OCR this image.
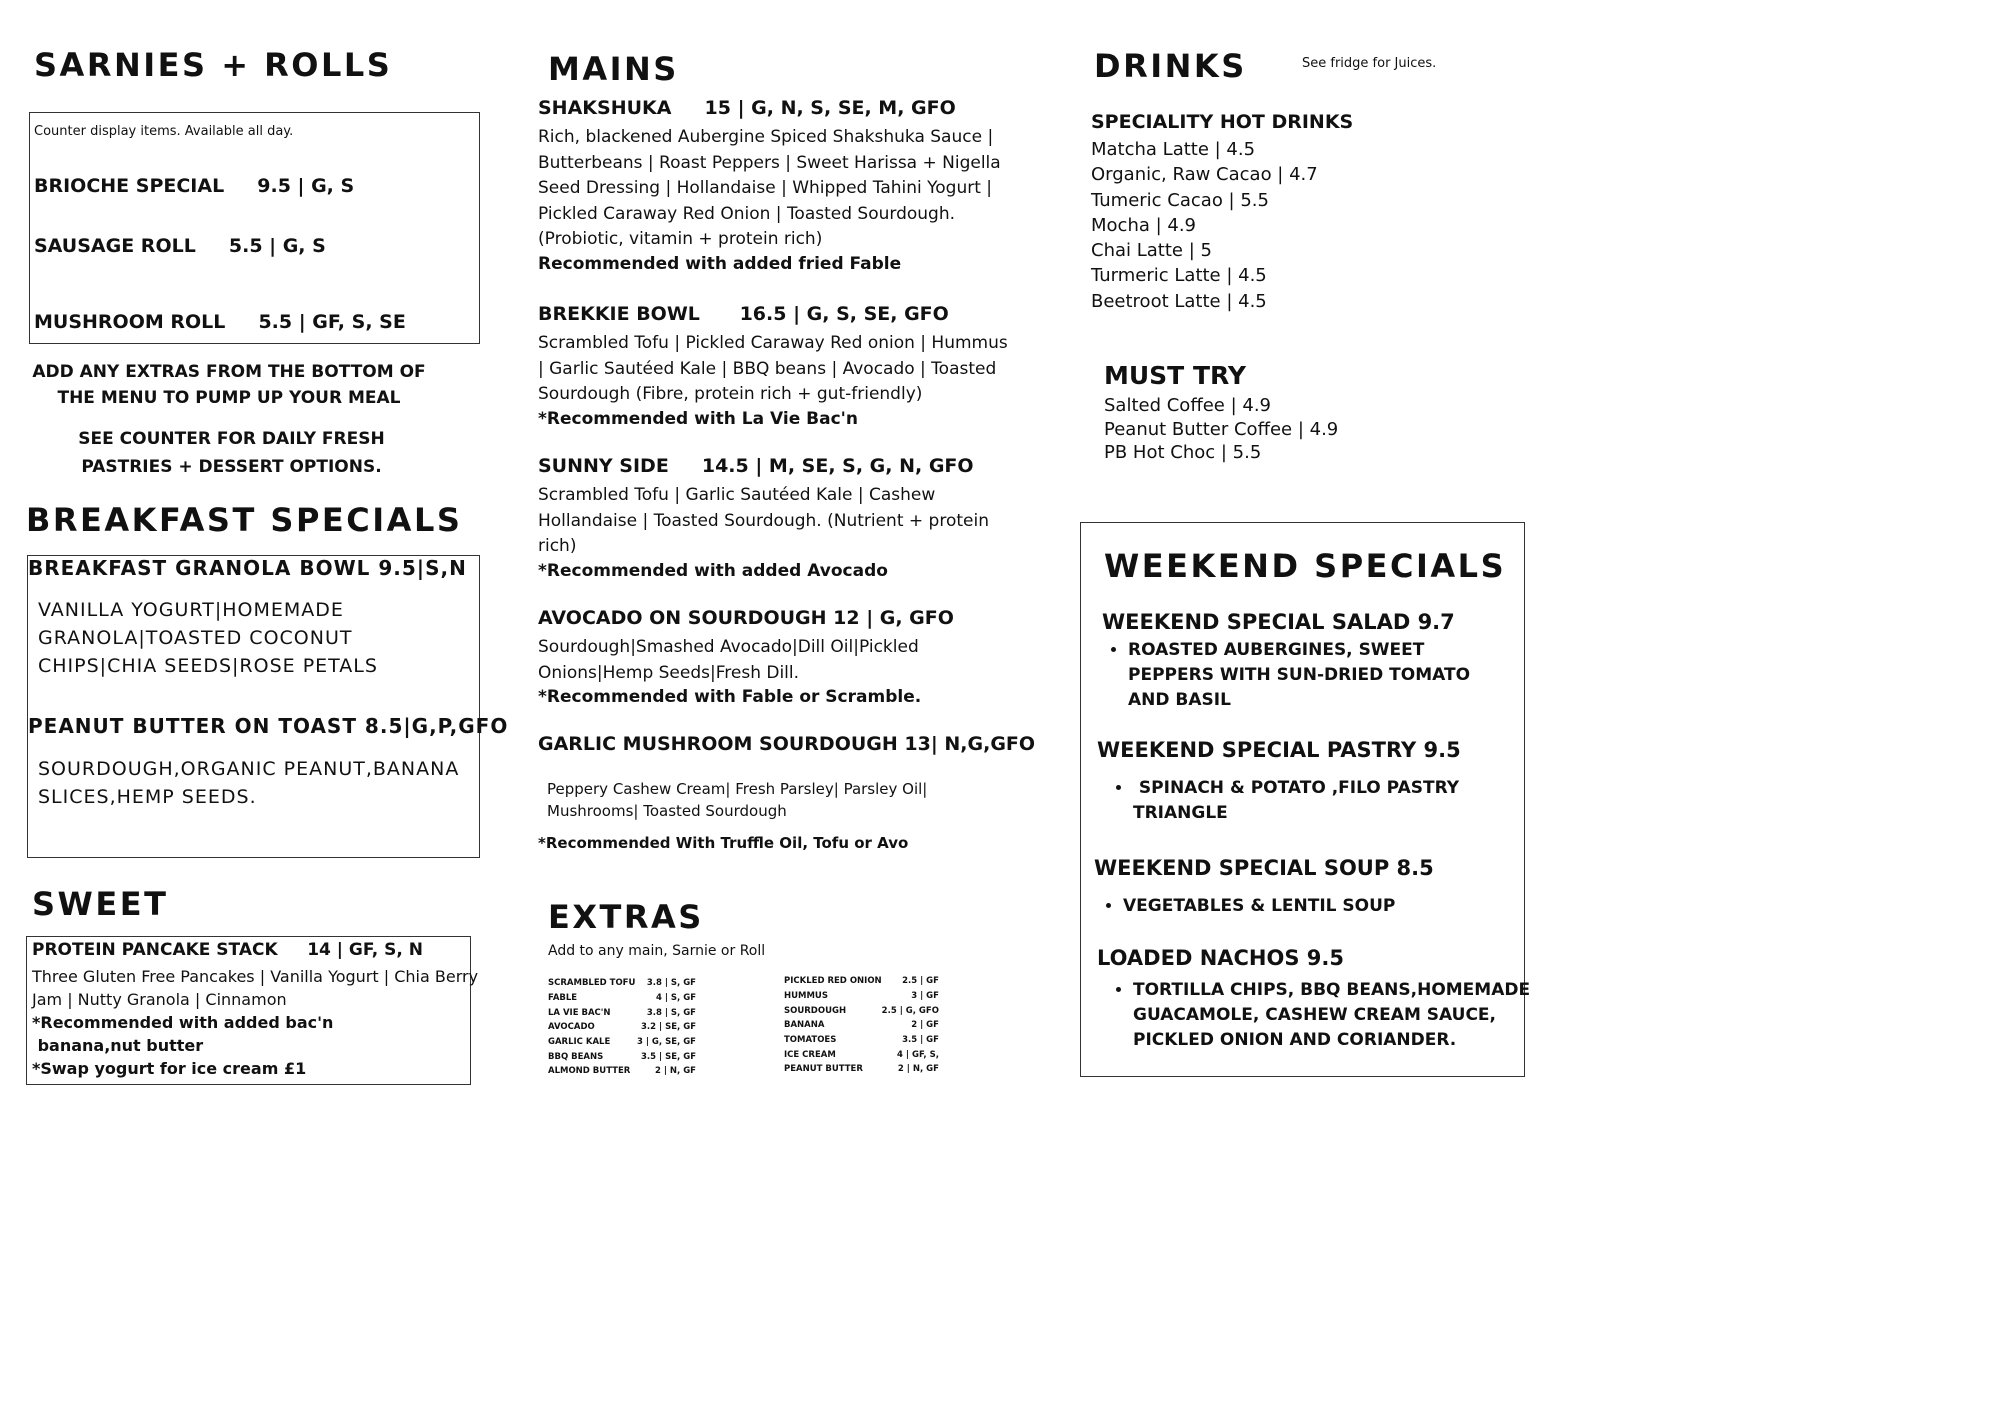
SARNIES + ROLLS
Counter display items. Available all day.
BRIOCHE SPECIAL     9.5 | G, S
SAUSAGE ROLL     5.5 | G, S
MUSHROOM ROLL     5.5 | GF, S, SE
ADD ANY EXTRAS FROM THE BOTTOM OF
THE MENU TO PUMP UP YOUR MEAL
SEE COUNTER FOR DAILY FRESH
PASTRIES + DESSERT OPTIONS.
BREAKFAST SPECIALS
BREAKFAST GRANOLA BOWL 9.5|S,N
VANILLA YOGURT|HOMEMADE
GRANOLA|TOASTED COCONUT
CHIPS|CHIA SEEDS|ROSE PETALS
PEANUT BUTTER ON TOAST 8.5|G,P,GFO
SOURDOUGH,ORGANIC PEANUT,BANANA
SLICES,HEMP SEEDS.
SWEET
PROTEIN PANCAKE STACK     14 | GF, S, N
Three Gluten Free Pancakes | Vanilla Yogurt | Chia Berry
Jam | Nutty Granola | Cinnamon
*Recommended with added bac'n
banana,nut butter
*Swap yogurt for ice cream £1
MAINS
SHAKSHUKA     15 | G, N, S, SE, M, GFO
Rich, blackened Aubergine Spiced Shakshuka Sauce |
Butterbeans | Roast Peppers | Sweet Harissa + Nigella
Seed Dressing | Hollandaise | Whipped Tahini Yogurt |
Pickled Caraway Red Onion | Toasted Sourdough.
(Probiotic, vitamin + protein rich)
Recommended with added fried Fable
BREKKIE BOWL      16.5 | G, S, SE, GFO
Scrambled Tofu | Pickled Caraway Red onion | Hummus
| Garlic Sautéed Kale | BBQ beans | Avocado | Toasted
Sourdough (Fibre, protein rich + gut-friendly)
*Recommended with La Vie Bac'n
SUNNY SIDE     14.5 | M, SE, S, G, N, GFO
Scrambled Tofu | Garlic Sautéed Kale | Cashew
Hollandaise | Toasted Sourdough. (Nutrient + protein
rich)
*Recommended with added Avocado
AVOCADO ON SOURDOUGH 12 | G, GFO
Sourdough|Smashed Avocado|Dill Oil|Pickled
Onions|Hemp Seeds|Fresh Dill.
*Recommended with Fable or Scramble.
GARLIC MUSHROOM SOURDOUGH 13| N,G,GFO
Peppery Cashew Cream| Fresh Parsley| Parsley Oil|
Mushrooms| Toasted Sourdough
*Recommended With Truffle Oil, Tofu or Avo
EXTRAS
Add to any main, Sarnie or Roll
SCRAMBLED TOFU	3.8 | S, GF
FABLE	4 | S, GF
LA VIE BAC'N	3.8 | S, GF
AVOCADO	3.2 | SE, GF
GARLIC KALE	3 | G, SE, GF
BBQ BEANS	3.5 | SE, GF
ALMOND BUTTER	2 | N, GF
PICKLED RED ONION	2.5 | GF
HUMMUS	3 | GF
SOURDOUGH	2.5 | G, GFO
BANANA	2 | GF
TOMATOES	3.5 | GF
ICE CREAM	4 | GF, S,
PEANUT BUTTER	2 | N, GF
DRINKS	See fridge for Juices.
SPECIALITY HOT DRINKS
Matcha Latte | 4.5
Organic, Raw Cacao | 4.7
Tumeric Cacao | 5.5
Mocha | 4.9
Chai Latte | 5
Turmeric Latte | 4.5
Beetroot Latte | 4.5
MUST TRY
Salted Coffee | 4.9
Peanut Butter Coffee | 4.9
PB Hot Choc | 5.5
WEEKEND SPECIALS
WEEKEND SPECIAL SALAD 9.7
• ROASTED AUBERGINES, SWEET
PEPPERS WITH SUN-DRIED TOMATO
AND BASIL
WEEKEND SPECIAL PASTRY 9.5
•  SPINACH & POTATO ,FILO PASTRY
TRIANGLE
WEEKEND SPECIAL SOUP 8.5
• VEGETABLES & LENTIL SOUP
LOADED NACHOS 9.5
• TORTILLA CHIPS, BBQ BEANS,HOMEMADE
GUACAMOLE, CASHEW CREAM SAUCE,
PICKLED ONION AND CORIANDER.
